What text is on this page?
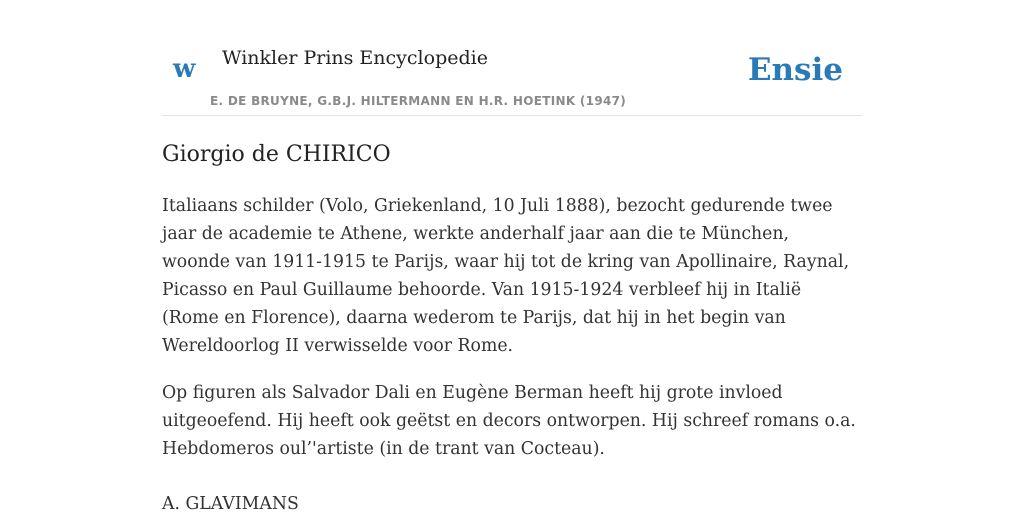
w Winkler Prins Encyclopedie
E. DE BRUYNE, G.B.J. HILTERMANN EN H.R. HOETINK (1947)
Ensie
Giorgio de CHIRICO

Italiaans schilder (Volo, Griekenland, 10 Juli 1888), bezocht gedurende twee jaar de academie te Athene, werkte anderhalf jaar aan die te München, woonde van 1911-1915 te Parijs, waar hij tot de kring van Apollinaire, Raynal, Picasso en Paul Guillaume behoorde. Van 1915-1924 verbleef hij in Italië (Rome en Florence), daarna wederom te Parijs, dat hij in het begin van Wereldoorlog II verwisselde voor Rome.

Op figuren als Salvador Dali en Eugène Berman heeft hij grote invloed uitgeoefend. Hij heeft ook geëtst en decors ontworpen. Hij schreef romans o.a. Hebdomeros oul’'artiste (in de trant van Cocteau).

A. GLAVIMANS
